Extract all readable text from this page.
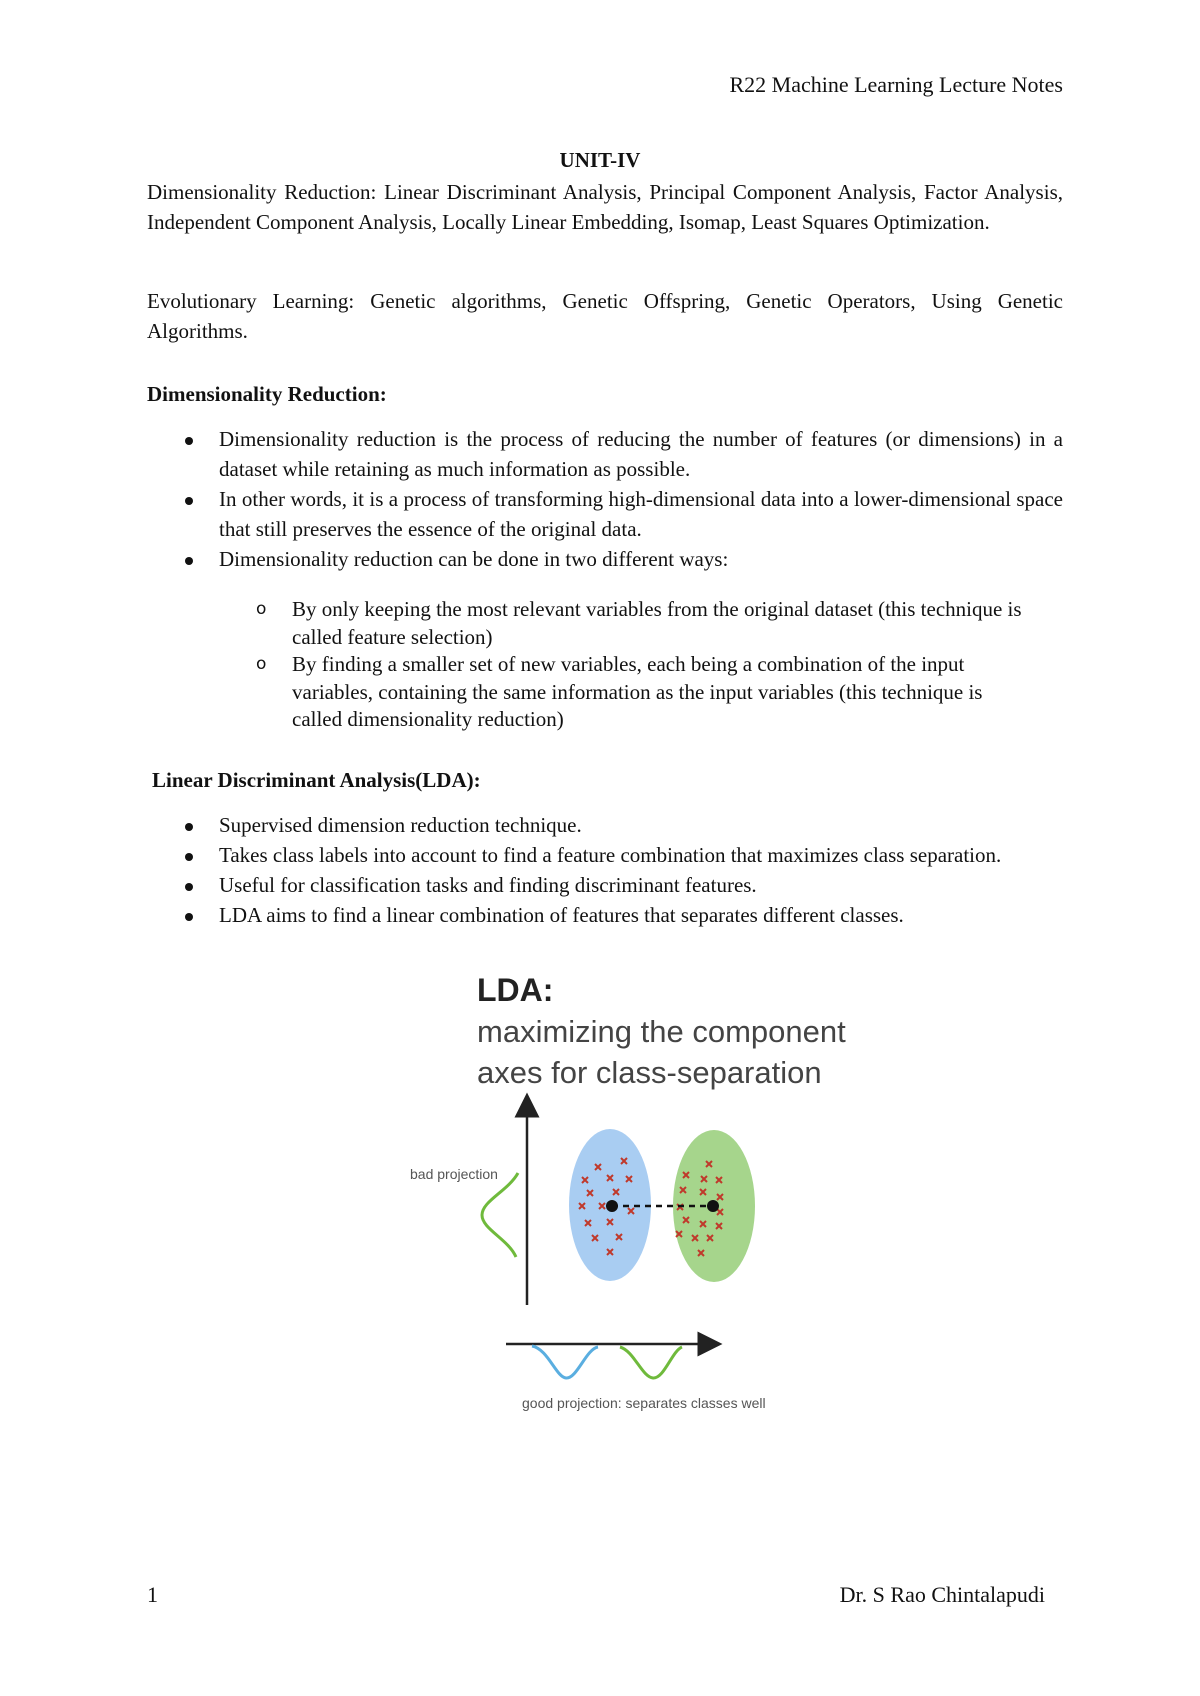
R22 Machine Learning Lecture Notes
UNIT-IV

Dimensionality Reduction: Linear Discriminant Analysis, Principal Component Analysis, Factor Analysis, Independent Component Analysis, Locally Linear Embedding, Isomap, Least Squares Optimization.

Evolutionary Learning: Genetic algorithms, Genetic Offspring, Genetic Operators, Using Genetic Algorithms.

Dimensionality Reduction:
Dimensionality reduction is the process of reducing the number of features (or dimensions) in a dataset while retaining as much information as possible.
In other words, it is a process of transforming high-dimensional data into a lower-dimensional space that still preserves the essence of the original data.
Dimensionality reduction can be done in two different ways:
o By only keeping the most relevant variables from the original dataset (this technique is called feature selection)
o By finding a smaller set of new variables, each being a combination of the input variables, containing the same information as the input variables (this technique is called dimensionality reduction)
Linear Discriminant Analysis(LDA):
Supervised dimension reduction technique.
Takes class labels into account to find a feature combination that maximizes class separation.
Useful for classification tasks and finding discriminant features.
LDA aims to find a linear combination of features that separates different classes.
LDA:
maximizing the component
axes for class-separation
bad projection
good projection: separates classes well
1	Dr. S Rao Chintalapudi
